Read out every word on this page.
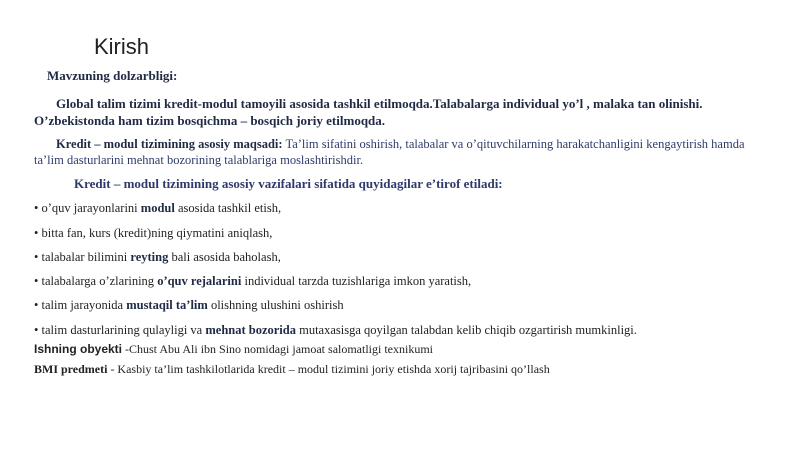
Kirish

Mavzuning dolzarbligi:

Global talim tizimi kredit-modul tamoyili asosida tashkil etilmoqda.Talabalarga individual yo’l , malaka tan olinishi. O’zbekistonda ham tizim bosqichma – bosqich joriy etilmoqda.

Kredit – modul tizimining asosiy maqsadi: Ta’lim sifatini oshirish, talabalar va o’qituvchilarning harakatchanligini kengaytirish hamda ta’lim dasturlarini mehnat bozorining talablariga moslashtirishdir.

Kredit – modul tizimining asosiy vazifalari sifatida quyidagilar e’tirof etiladi:

• o’quv jarayonlarini modul asosida tashkil etish,

• bitta fan, kurs (kredit)ning qiymatini aniqlash,

• talabalar bilimini reyting bali asosida baholash,

• talabalarga o’zlarining o’quv rejalarini individual tarzda tuzishlariga imkon yaratish,

• talim jarayonida mustaqil ta’lim olishning ulushini oshirish

• talim dasturlarining qulayligi va mehnat bozorida mutaxasisga qoyilgan talabdan kelib chiqib ozgartirish mumkinligi.

Ishning obyekti -Chust Abu Ali ibn Sino nomidagi jamoat salomatligi texnikumi

BMI predmeti - Kasbiy ta’lim tashkilotlarida kredit – modul tizimini joriy etishda xorij tajribasini qo’llash
